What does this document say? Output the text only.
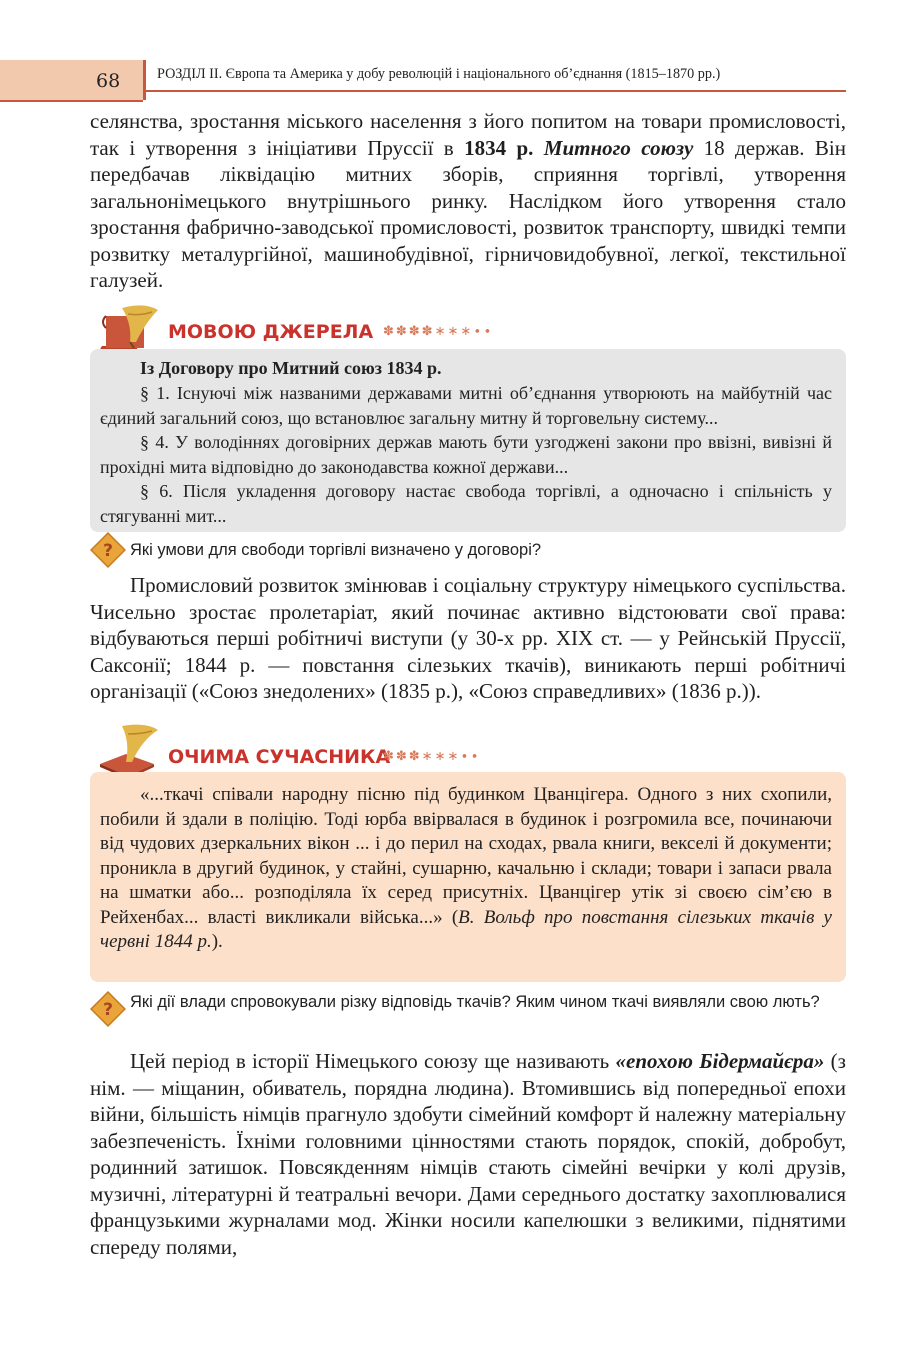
68	РОЗДІЛ ІІ. Європа та Америка у добу революцій і національного об’єднання (1815–1870 рр.)

селянства, зростання міського населення з його попитом на товари промисловості, так і утворення з ініціативи Пруссії в 1834 р. Митного союзу 18 держав. Він передбачав ліквідацію митних зборів, сприяння торгівлі, утворення загальнонімецького внутрішнього ринку. Наслідком його утворення стало зростання фабрично-заводської промисловості, розвиток транспорту, швидкі темпи розвитку металургійної, машинобудівної, гірничовидобувної, легкої, текстильної галузей.

МОВОЮ ДЖЕРЕЛА ✽✽✽✽∗∗∗∙∙
Із Договору про Митний союз 1834 р.

§ 1. Існуючі між названими державами митні об’єднання утворюють на майбутній час єдиний загальний союз, що встановлює загальну митну й торговельну систему...

§ 4. У володіннях договірних держав мають бути узгоджені закони про ввізні, вивізні й прохідні мита відповідно до законодавства кожної держави...

§ 6. Після укладення договору настає свобода торгівлі, а одночасно і спільність у стягуванні мит...

? Які умови для свободи торгівлі визначено у договорі?
Промисловий розвиток змінював і соціальну структуру німецького суспільства. Чисельно зростає пролетаріат, який починає активно відстоювати свої права: відбуваються перші робітничі виступи (у 30-х рр. XIX ст. — у Рейнській Пруссії, Саксонії; 1844 р. — повстання сілезьких ткачів), виникають перші робітничі організації («Союз знедолених» (1835 р.), «Союз справедливих» (1836 р.)).
ОЧИМА СУЧАСНИКА
✽✽✽∗∗∗∙∙

«...ткачі співали народну пісню під будинком Цванцігера. Одного з них схопили, побили й здали в поліцію. Тоді юрба ввірвалася в будинок і розгромила все, починаючи від чудових дзеркальних вікон ... і до перил на сходах, рвала книги, векселі й документи; проникла в другий будинок, у стайні, сушарню, качальню і склади; товари і запаси рвала на шматки або... розподіляла їх серед присутніх. Цванцігер утік зі своєю сім’єю в Рейхенбах... власті викликали війська...» (В. Вольф про повстання сілезьких ткачів у червні 1844 р.).

? Які дії влади спровокували різку відповідь ткачів? Яким чином ткачі виявляли свою лють?

Цей період в історії Німецького союзу ще називають «епохою Бідермайєра» (з нім. — міщанин, обиватель, порядна людина). Втомившись від попередньої епохи війни, більшість німців прагнуло здобути сімейний комфорт й належну матеріальну забезпеченість. Їхніми головними цінностями стають порядок, спокій, добробут, родинний затишок. Повсякденням німців стають сімейні вечірки у колі друзів, музичні, літературні й театральні вечори. Дами середнього достатку захоплювалися французькими журналами мод. Жінки носили капелюшки з великими, піднятими спереду полями,
